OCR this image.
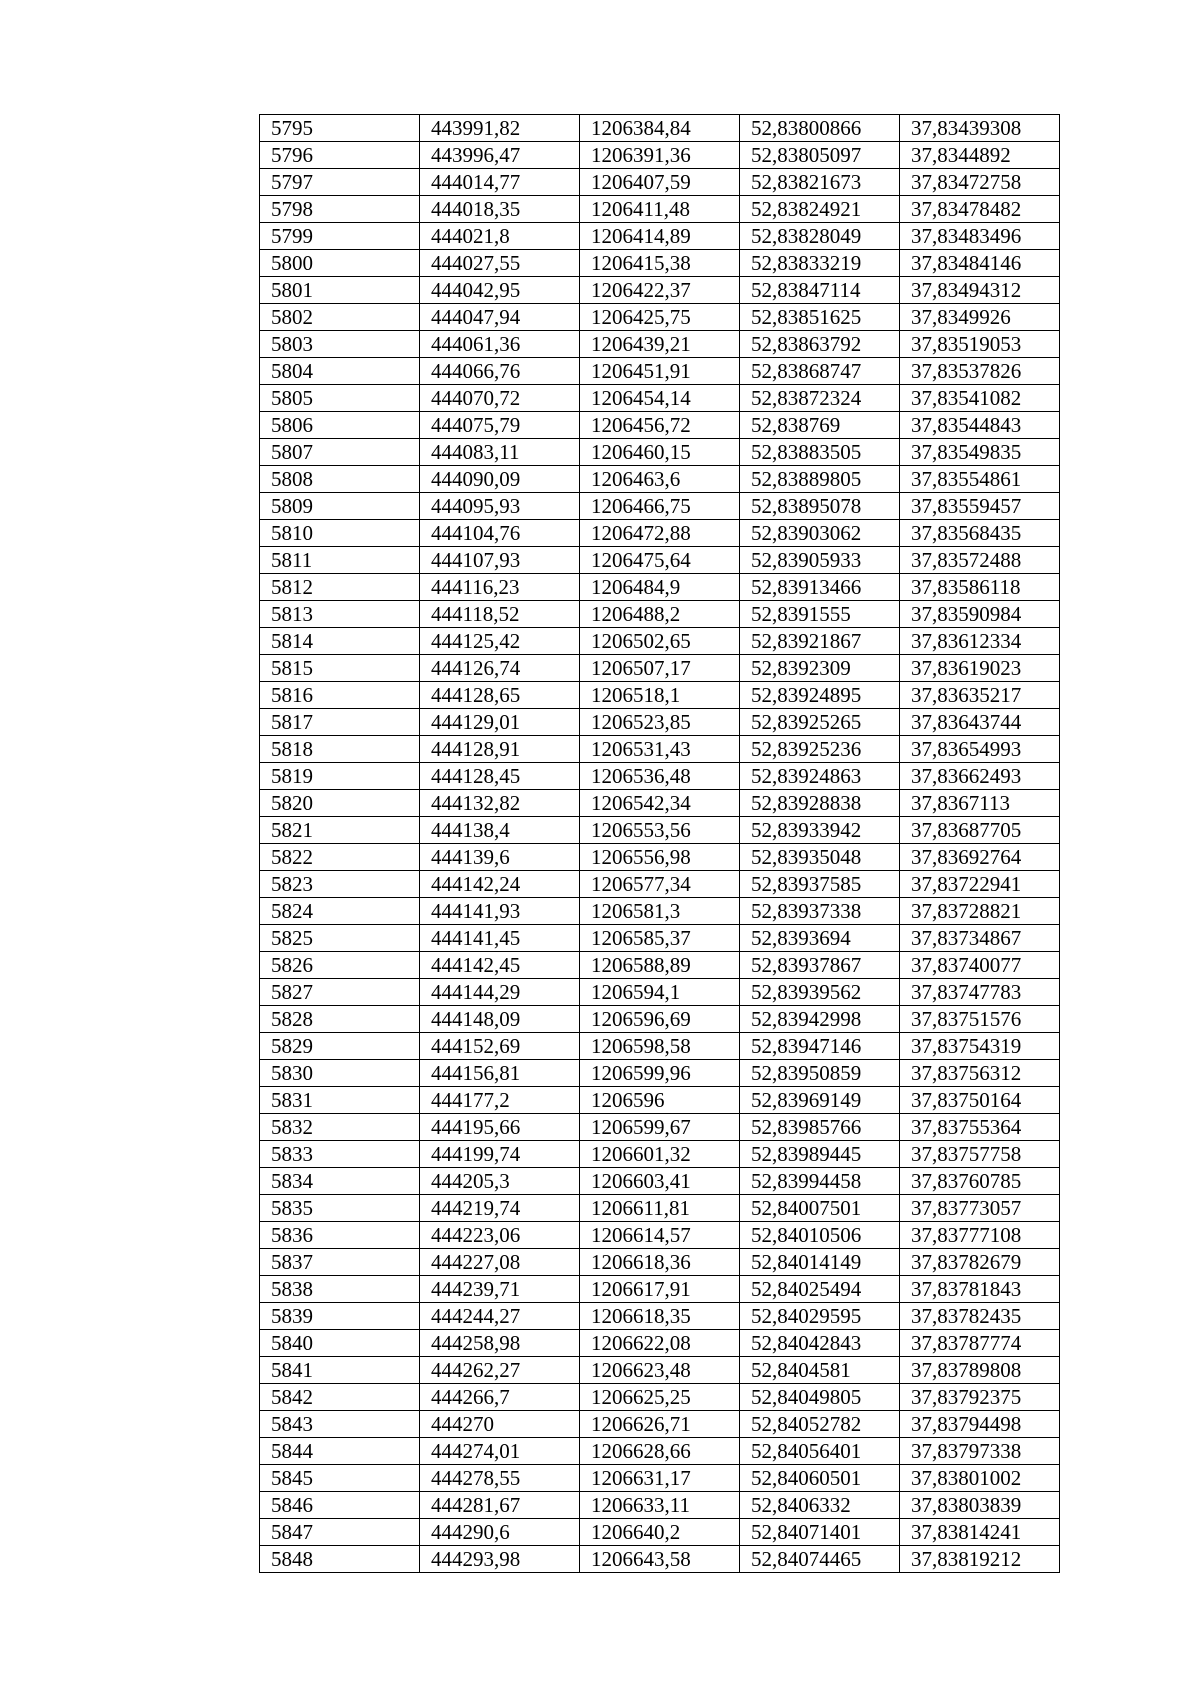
5795	443991,82	1206384,84	52,83800866	37,83439308
5796	443996,47	1206391,36	52,83805097	37,8344892
5797	444014,77	1206407,59	52,83821673	37,83472758
5798	444018,35	1206411,48	52,83824921	37,83478482
5799	444021,8	1206414,89	52,83828049	37,83483496
5800	444027,55	1206415,38	52,83833219	37,83484146
5801	444042,95	1206422,37	52,83847114	37,83494312
5802	444047,94	1206425,75	52,83851625	37,8349926
5803	444061,36	1206439,21	52,83863792	37,83519053
5804	444066,76	1206451,91	52,83868747	37,83537826
5805	444070,72	1206454,14	52,83872324	37,83541082
5806	444075,79	1206456,72	52,838769	37,83544843
5807	444083,11	1206460,15	52,83883505	37,83549835
5808	444090,09	1206463,6	52,83889805	37,83554861
5809	444095,93	1206466,75	52,83895078	37,83559457
5810	444104,76	1206472,88	52,83903062	37,83568435
5811	444107,93	1206475,64	52,83905933	37,83572488
5812	444116,23	1206484,9	52,83913466	37,83586118
5813	444118,52	1206488,2	52,8391555	37,83590984
5814	444125,42	1206502,65	52,83921867	37,83612334
5815	444126,74	1206507,17	52,8392309	37,83619023
5816	444128,65	1206518,1	52,83924895	37,83635217
5817	444129,01	1206523,85	52,83925265	37,83643744
5818	444128,91	1206531,43	52,83925236	37,83654993
5819	444128,45	1206536,48	52,83924863	37,83662493
5820	444132,82	1206542,34	52,83928838	37,8367113
5821	444138,4	1206553,56	52,83933942	37,83687705
5822	444139,6	1206556,98	52,83935048	37,83692764
5823	444142,24	1206577,34	52,83937585	37,83722941
5824	444141,93	1206581,3	52,83937338	37,83728821
5825	444141,45	1206585,37	52,8393694	37,83734867
5826	444142,45	1206588,89	52,83937867	37,83740077
5827	444144,29	1206594,1	52,83939562	37,83747783
5828	444148,09	1206596,69	52,83942998	37,83751576
5829	444152,69	1206598,58	52,83947146	37,83754319
5830	444156,81	1206599,96	52,83950859	37,83756312
5831	444177,2	1206596	52,83969149	37,83750164
5832	444195,66	1206599,67	52,83985766	37,83755364
5833	444199,74	1206601,32	52,83989445	37,83757758
5834	444205,3	1206603,41	52,83994458	37,83760785
5835	444219,74	1206611,81	52,84007501	37,83773057
5836	444223,06	1206614,57	52,84010506	37,83777108
5837	444227,08	1206618,36	52,84014149	37,83782679
5838	444239,71	1206617,91	52,84025494	37,83781843
5839	444244,27	1206618,35	52,84029595	37,83782435
5840	444258,98	1206622,08	52,84042843	37,83787774
5841	444262,27	1206623,48	52,8404581	37,83789808
5842	444266,7	1206625,25	52,84049805	37,83792375
5843	444270	1206626,71	52,84052782	37,83794498
5844	444274,01	1206628,66	52,84056401	37,83797338
5845	444278,55	1206631,17	52,84060501	37,83801002
5846	444281,67	1206633,11	52,8406332	37,83803839
5847	444290,6	1206640,2	52,84071401	37,83814241
5848	444293,98	1206643,58	52,84074465	37,83819212
